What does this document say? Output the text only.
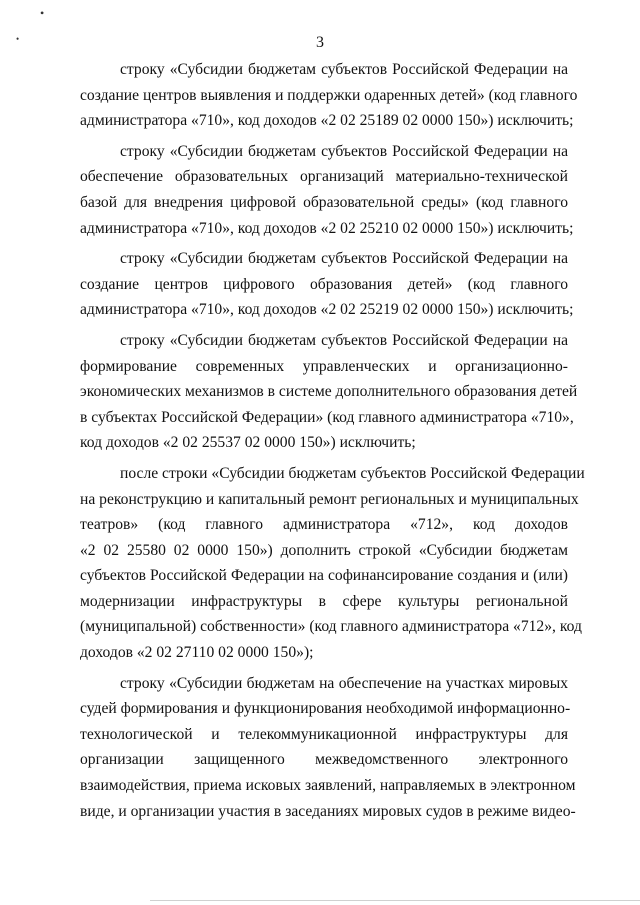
•
•	3
строку «Субсидии бюджетам субъектов Российской Федерации на
создание центров выявления и поддержки одаренных детей» (код главного
администратора «710», код доходов «2 02 25189 02 0000 150») исключить;
строку «Субсидии бюджетам субъектов Российской Федерации на
обеспечение образовательных организаций материально-технической
базой для внедрения цифровой образовательной среды» (код главного
администратора «710», код доходов «2 02 25210 02 0000 150») исключить;
строку «Субсидии бюджетам субъектов Российской Федерации на
создание центров цифрового образования детей» (код главного
администратора «710», код доходов «2 02 25219 02 0000 150») исключить;
строку «Субсидии бюджетам субъектов Российской Федерации на
формирование современных управленческих и организационно-
экономических механизмов в системе дополнительного образования детей
в субъектах Российской Федерации» (код главного администратора «710»,
код доходов «2 02 25537 02 0000 150») исключить;
после строки «Субсидии бюджетам субъектов Российской Федерации
на реконструкцию и капитальный ремонт региональных и муниципальных
театров» (код главного администратора «712», код доходов
«2 02 25580 02 0000 150») дополнить строкой «Субсидии бюджетам
субъектов Российской Федерации на софинансирование создания и (или)
модернизации инфраструктуры в сфере культуры региональной
(муниципальной) собственности» (код главного администратора «712», код
доходов «2 02 27110 02 0000 150»);
строку «Субсидии бюджетам на обеспечение на участках мировых
судей формирования и функционирования необходимой информационно-
технологической и телекоммуникационной инфраструктуры для
организации защищенного межведомственного электронного
взаимодействия, приема исковых заявлений, направляемых в электронном
виде, и организации участия в заседаниях мировых судов в режиме видео-
